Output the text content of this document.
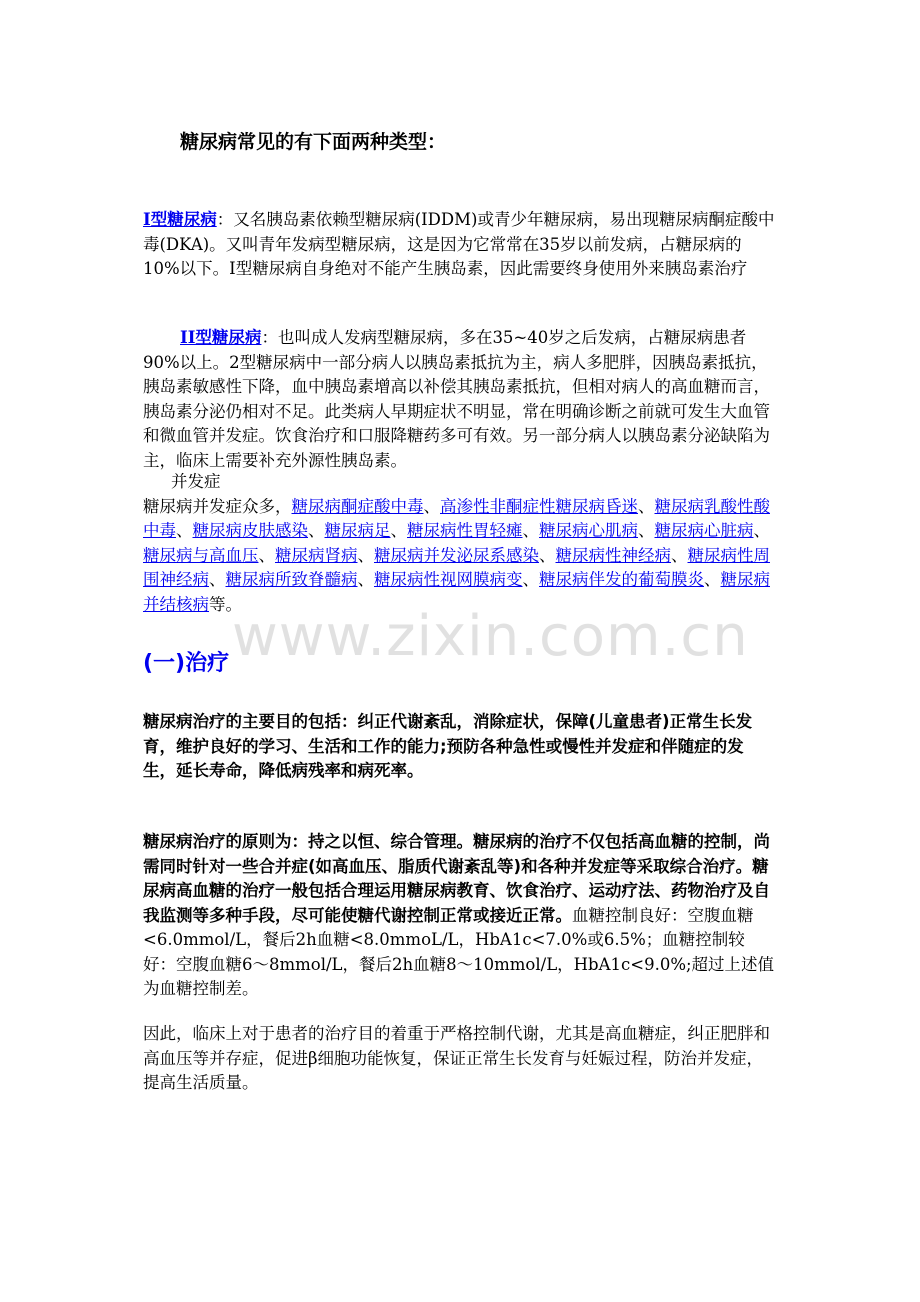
糖尿病常见的有下面两种类型：

I型糖尿病：又名胰岛素依赖型糖尿病(IDDM)或青少年糖尿病，易出现糖尿病酮症酸中毒(DKA)。又叫青年发病型糖尿病，这是因为它常常在35岁以前发病，占糖尿病的10%以下。Ⅰ型糖尿病自身绝对不能产生胰岛素，因此需要终身使用外来胰岛素治疗

II型糖尿病：也叫成人发病型糖尿病，多在35~40岁之后发病，占糖尿病患者90%以上。2型糖尿病中一部分病人以胰岛素抵抗为主，病人多肥胖，因胰岛素抵抗，胰岛素敏感性下降，血中胰岛素增高以补偿其胰岛素抵抗，但相对病人的高血糖而言，胰岛素分泌仍相对不足。此类病人早期症状不明显，常在明确诊断之前就可发生大血管和微血管并发症。饮食治疗和口服降糖药多可有效。另一部分病人以胰岛素分泌缺陷为主，临床上需要补充外源性胰岛素。

并发症

糖尿病并发症众多，糖尿病酮症酸中毒、高渗性非酮症性糖尿病昏迷、糖尿病乳酸性酸中毒、糖尿病皮肤感染、糖尿病足、糖尿病性胃轻瘫、糖尿病心肌病、糖尿病心脏病、糖尿病与高血压、糖尿病肾病、糖尿病并发泌尿系感染、糖尿病性神经病、糖尿病性周围神经病、糖尿病所致脊髓病、糖尿病性视网膜病变、糖尿病伴发的葡萄膜炎、糖尿病并结核病等。

www.zixin.com.cn
(一)治疗

糖尿病治疗的主要目的包括：纠正代谢紊乱，消除症状，保障(儿童患者)正常生长发育，维护良好的学习、生活和工作的能力;预防各种急性或慢性并发症和伴随症的发生，延长寿命，降低病残率和病死率。

糖尿病治疗的原则为：持之以恒、综合管理。糖尿病的治疗不仅包括高血糖的控制，尚需同时针对一些合并症(如高血压、脂质代谢紊乱等)和各种并发症等采取综合治疗。糖尿病高血糖的治疗一般包括合理运用糖尿病教育、饮食治疗、运动疗法、药物治疗及自我监测等多种手段，尽可能使糖代谢控制正常或接近正常。血糖控制良好：空腹血糖<6.0mmol/L，餐后2h血糖<8.0mmoL/L，HbA1c<7.0%或6.5%；血糖控制较好：空腹血糖6～8mmol/L，餐后2h血糖8～10mmol/L，HbA1c<9.0%;超过上述值为血糖控制差。

因此，临床上对于患者的治疗目的着重于严格控制代谢，尤其是高血糖症，纠正肥胖和高血压等并存症，促进β细胞功能恢复，保证正常生长发育与妊娠过程，防治并发症，提高生活质量。
